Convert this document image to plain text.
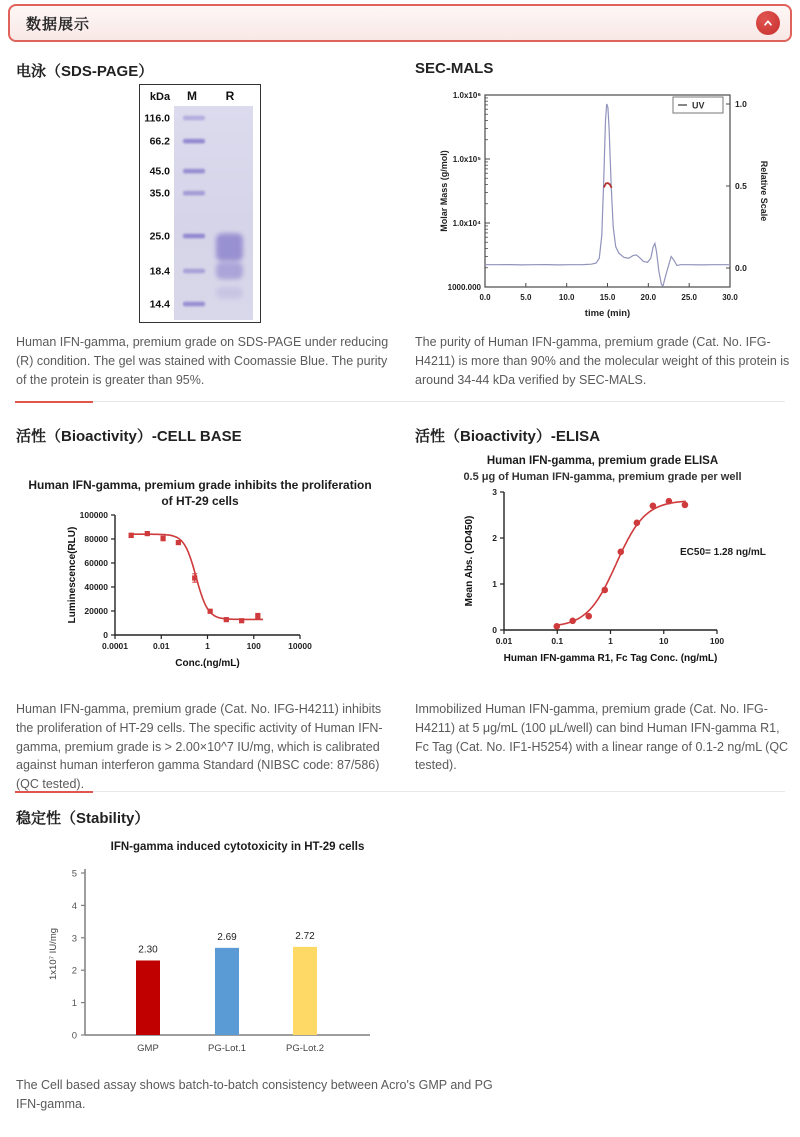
数据展示
电泳（SDS-PAGE）	SEC-MALS
kDa M R
116.0
66.2
45.0
35.0
25.0
18.4
14.4
1.0x10⁶
1.0x10⁵
1.0x10⁴
1000.000
1.0
0.5
0.0
0.0	5.0	10.0	15.0	20.0	25.0	30.0
UV
Molar Mass (g/mol)
time (min)
Relative Scale

Human IFN-gamma, premium grade on SDS-PAGE under reducing (R) condition. The gel was stained with Coomassie Blue. The purity of the protein is greater than 95%.

The purity of Human IFN-gamma, premium grade (Cat. No. IFG-H4211) is more than 90% and the molecular weight of this protein is around 34-44 kDa verified by SEC-MALS.

活性（Bioactivity）-CELL BASE	活性（Bioactivity）-ELISA
Human IFN-gamma, premium grade inhibits the proliferation of HT-29 cells
0
20000
40000
60000
80000
100000
0.0001	0.01	1	100	10000
Luminescence(RLU)
Conc.(ng/mL)
Human IFN-gamma, premium grade ELISA
0.5 μg of Human IFN-gamma, premium grade per well
0
1
2
3
0.01	0.1	1	10	100
Mean Abs. (OD450)
Human IFN-gamma R1, Fc Tag Conc. (ng/mL)
EC50= 1.28 ng/mL

Human IFN-gamma, premium grade (Cat. No. IFG-H4211) inhibits the proliferation of HT-29 cells. The specific activity of Human IFN-gamma, premium grade is > 2.00×10^7 IU/mg, which is calibrated against human interferon gamma Standard (NIBSC code: 87/586) (QC tested).

Immobilized Human IFN-gamma, premium grade (Cat. No. IFG-H4211) at 5 μg/mL (100 μL/well) can bind Human IFN-gamma R1, Fc Tag (Cat. No. IF1-H5254) with a linear range of 0.1-2 ng/mL (QC tested).

稳定性（Stability）
IFN-gamma induced cytotoxicity in HT-29 cells
0
1
2
3
4
5
2.30
GMP
2.69
PG-Lot.1
2.72
PG-Lot.2
1x10⁷ IU/mg

The Cell based assay shows batch-to-batch consistency between Acro's GMP and PG IFN-gamma.
